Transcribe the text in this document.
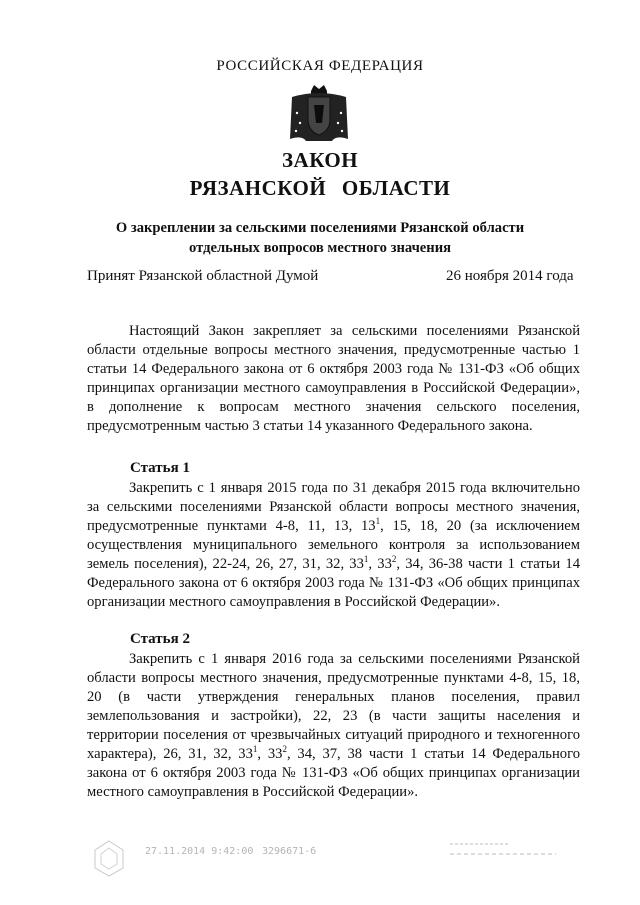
РОССИЙСКАЯ ФЕДЕРАЦИЯ
ЗАКОН
РЯЗАНСКОЙ ОБЛАСТИ
О закреплении за сельскими поселениями Рязанской области
отдельных вопросов местного значения
Принят Рязанской областной Думой	26 ноября 2014 года

Настоящий Закон закрепляет за сельскими поселениями Рязанской области отдельные вопросы местного значения, предусмотренные частью 1 статьи 14 Федерального закона от 6 октября 2003 года № 131-ФЗ «Об общих принципах организации местного самоуправления в Российской Федерации», в дополнение к вопросам местного значения сельского поселения, предусмотренным частью 3 статьи 14 указанного Федерального закона.

Статья 1

Закрепить с 1 января 2015 года по 31 декабря 2015 года включительно за сельскими поселениями Рязанской области вопросы местного значения, предусмотренные пунктами 4-8, 11, 13, $13^1$, 15, 18, 20 (за исключением осуществления муниципального земельного контроля за использованием земель поселения), 22-24, 26, 27, 31, 32, $33^1$, $33^2$, 34, 36-38 части 1 статьи 14 Федерального закона от 6 октября 2003 года № 131-ФЗ «Об общих принципах организации местного самоуправления в Российской Федерации».

Статья 2

Закрепить с 1 января 2016 года за сельскими поселениями Рязанской области вопросы местного значения, предусмотренные пунктами 4-8, 15, 18, 20 (в части утверждения генеральных планов поселения, правил землепользования и застройки), 22, 23 (в части защиты населения и территории поселения от чрезвычайных ситуаций природного и техногенного характера), 26, 31, 32, $33^1$, $33^2$, 34, 37, 38 части 1 статьи 14 Федерального закона от 6 октября 2003 года № 131-ФЗ «Об общих принципах организации местного самоуправления в Российской Федерации».

27.11.2014 9:42:00 3296671-6
